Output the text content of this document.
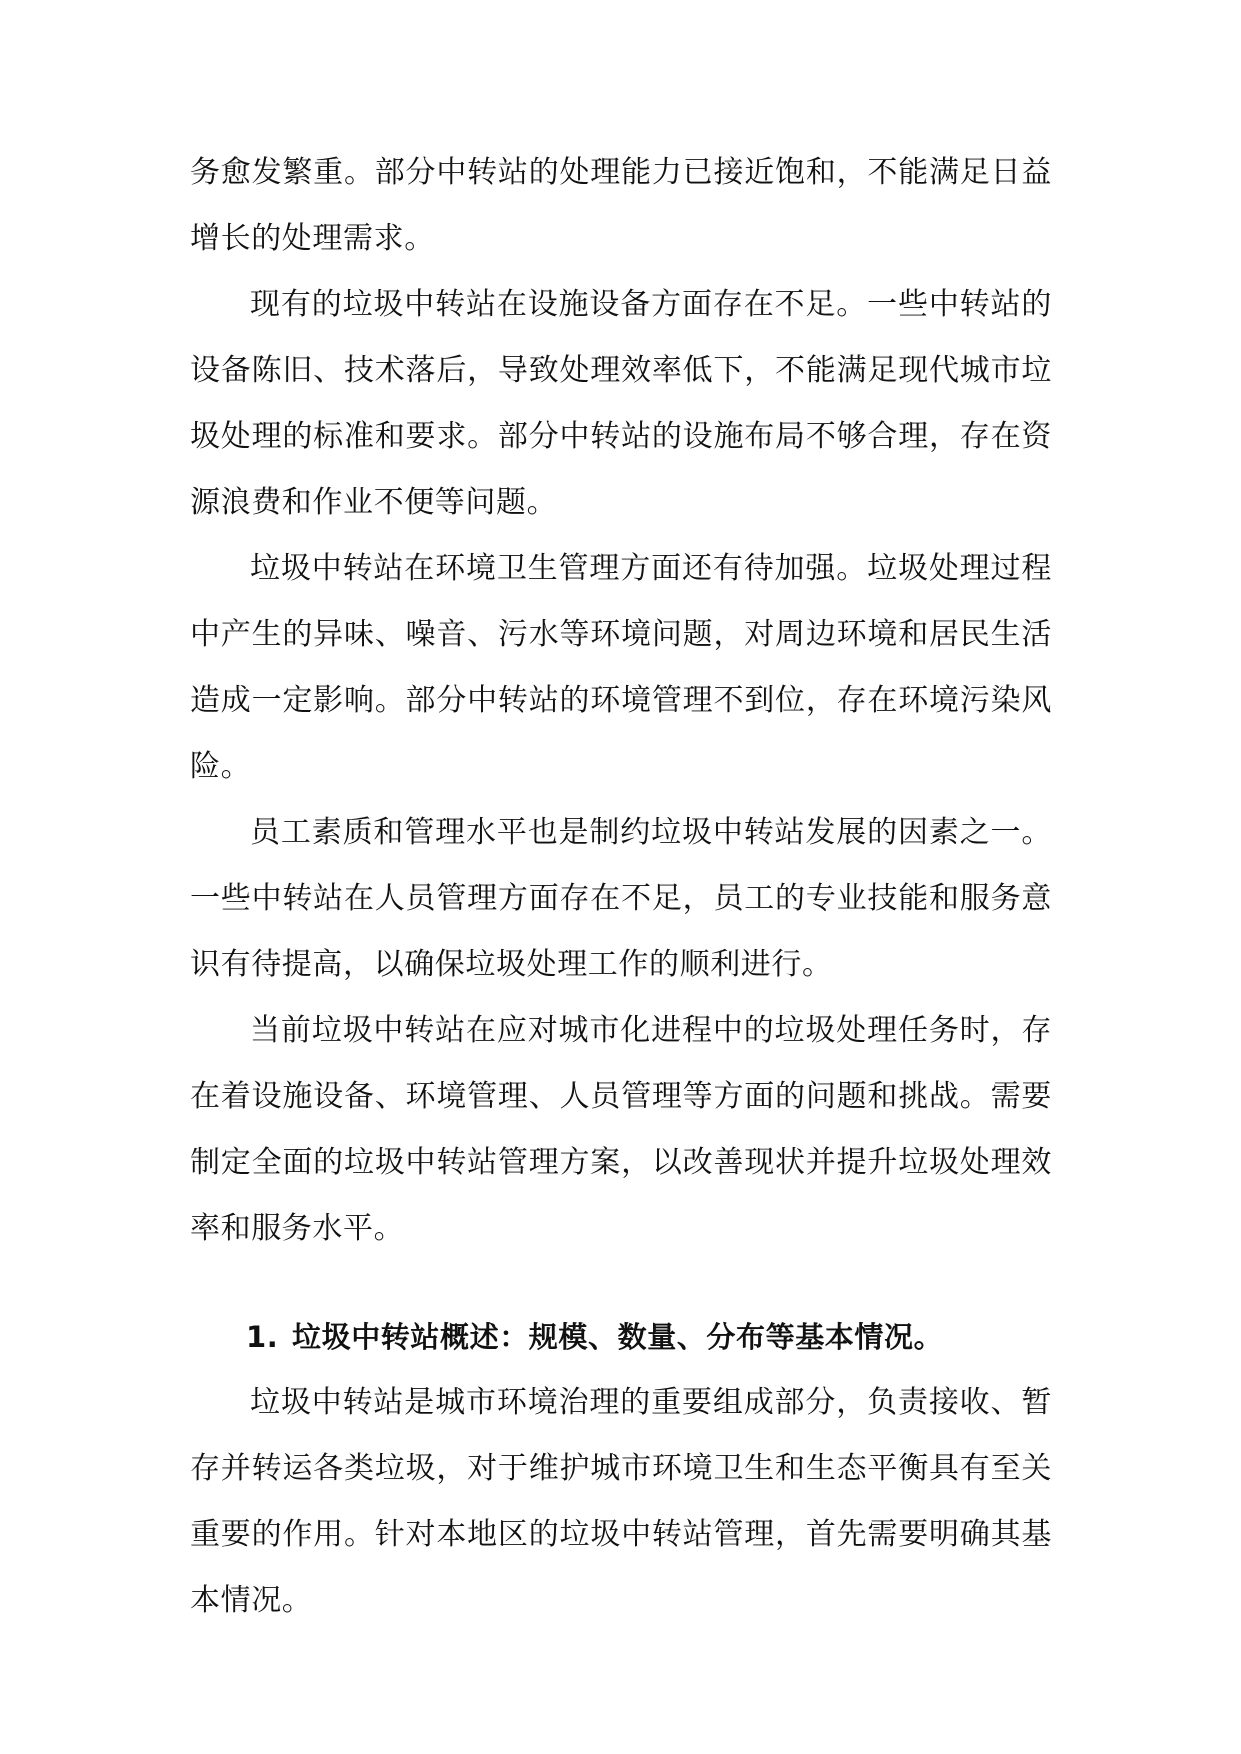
务愈发繁重。部分中转站的处理能力已接近饱和，不能满足日益增长的处理需求。

现有的垃圾中转站在设施设备方面存在不足。一些中转站的设备陈旧、技术落后，导致处理效率低下，不能满足现代城市垃圾处理的标准和要求。部分中转站的设施布局不够合理，存在资源浪费和作业不便等问题。

垃圾中转站在环境卫生管理方面还有待加强。垃圾处理过程中产生的异味、噪音、污水等环境问题，对周边环境和居民生活造成一定影响。部分中转站的环境管理不到位，存在环境污染风险。

员工素质和管理水平也是制约垃圾中转站发展的因素之一。一些中转站在人员管理方面存在不足，员工的专业技能和服务意识有待提高，以确保垃圾处理工作的顺利进行。

当前垃圾中转站在应对城市化进程中的垃圾处理任务时，存在着设施设备、环境管理、人员管理等方面的问题和挑战。需要制定全面的垃圾中转站管理方案，以改善现状并提升垃圾处理效率和服务水平。

1. 垃圾中转站概述：规模、数量、分布等基本情况。

垃圾中转站是城市环境治理的重要组成部分，负责接收、暂存并转运各类垃圾，对于维护城市环境卫生和生态平衡具有至关重要的作用。针对本地区的垃圾中转站管理，首先需要明确其基本情况。
